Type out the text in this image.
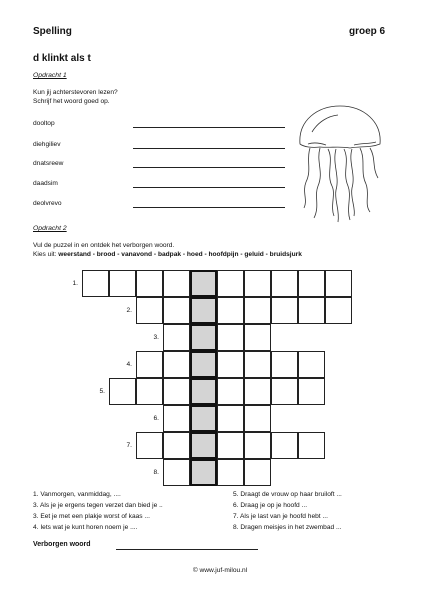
Spelling	groep 6
d klinkt als t
Opdracht 1
Kun jij achterstevoren lezen?
Schrijf het woord goed op.
dooltop
diehgiliev
dnatsreew
daadsim
deolvrevo
Opdracht 2
Vul de puzzel in en ontdek het verborgen woord.
Kies uit: weerstand - brood - vanavond - badpak - hoed - hoofdpijn - geluid - bruidsjurk
1.
2.
3.
4.
5.
6.
7.
8.
1. Vanmorgen, vanmiddag, ....
3. Als je je ergens tegen verzet dan bied je ..
3. Eet je met een plakje worst of kaas ...
4. Iets wat je kunt horen noem je ....
5. Draagt de vrouw op haar bruiloft ...
6. Draag je op je hoofd ...
7. Als je last van je hoofd hebt ...
8. Dragen meisjes in het zwembad ...
Verborgen woord
© www.juf-milou.nl
